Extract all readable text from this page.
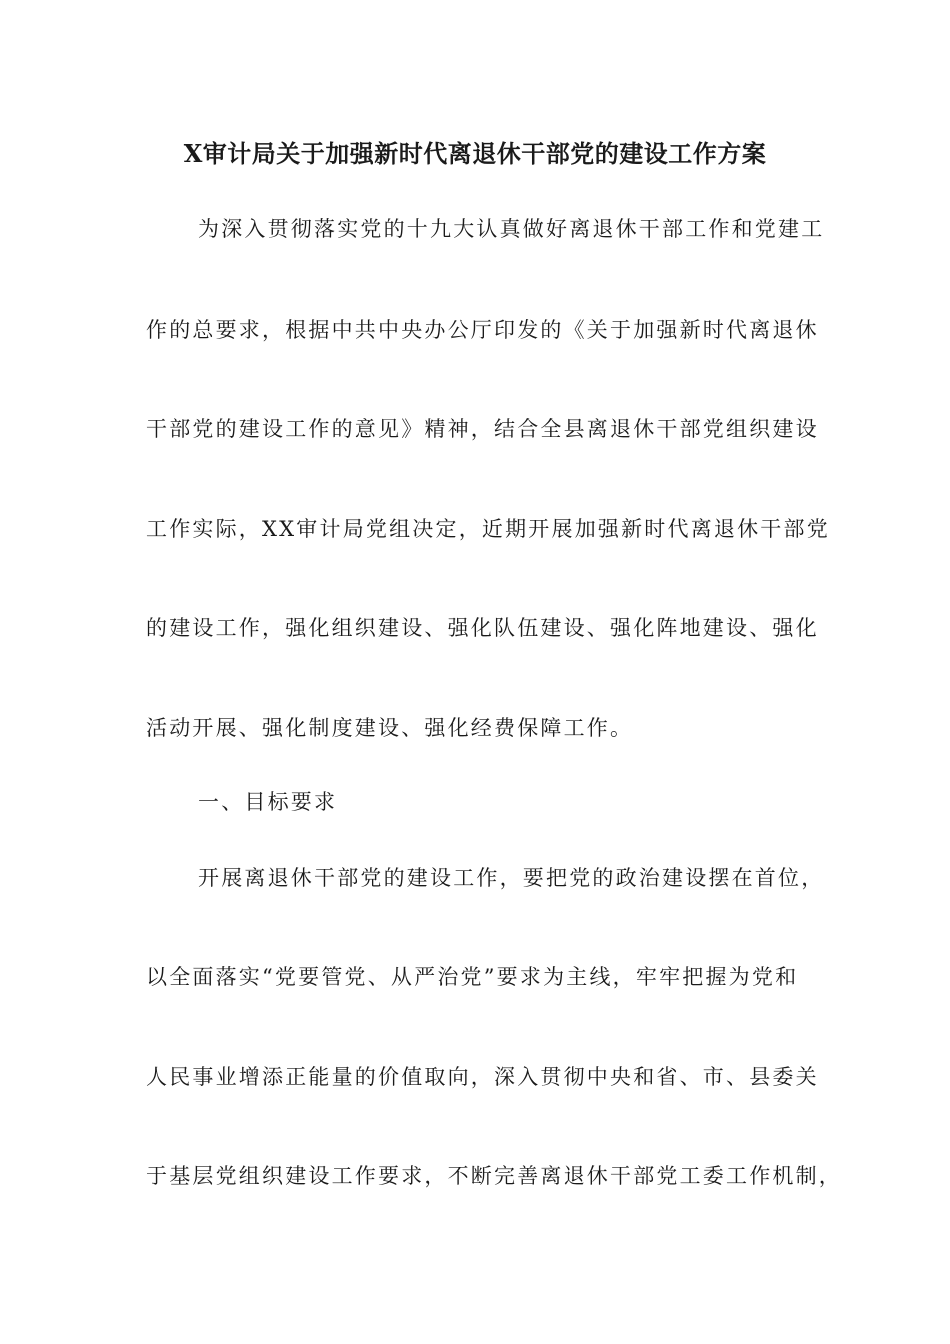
X审计局关于加强新时代离退休干部党的建设工作方案
为深入贯彻落实党的十九大认真做好离退休干部工作和党建工
作的总要求，根据中共中央办公厅印发的《关于加强新时代离退休
干部党的建设工作的意见》精神，结合全县离退休干部党组织建设
工作实际，XX审计局党组决定，近期开展加强新时代离退休干部党
的建设工作，强化组织建设、强化队伍建设、强化阵地建设、强化
活动开展、强化制度建设、强化经费保障工作。
一、目标要求
开展离退休干部党的建设工作，要把党的政治建设摆在首位，
以全面落实“党要管党、从严治党”要求为主线，牢牢把握为党和
人民事业增添正能量的价值取向，深入贯彻中央和省、市、县委关
于基层党组织建设工作要求，不断完善离退休干部党工委工作机制，
